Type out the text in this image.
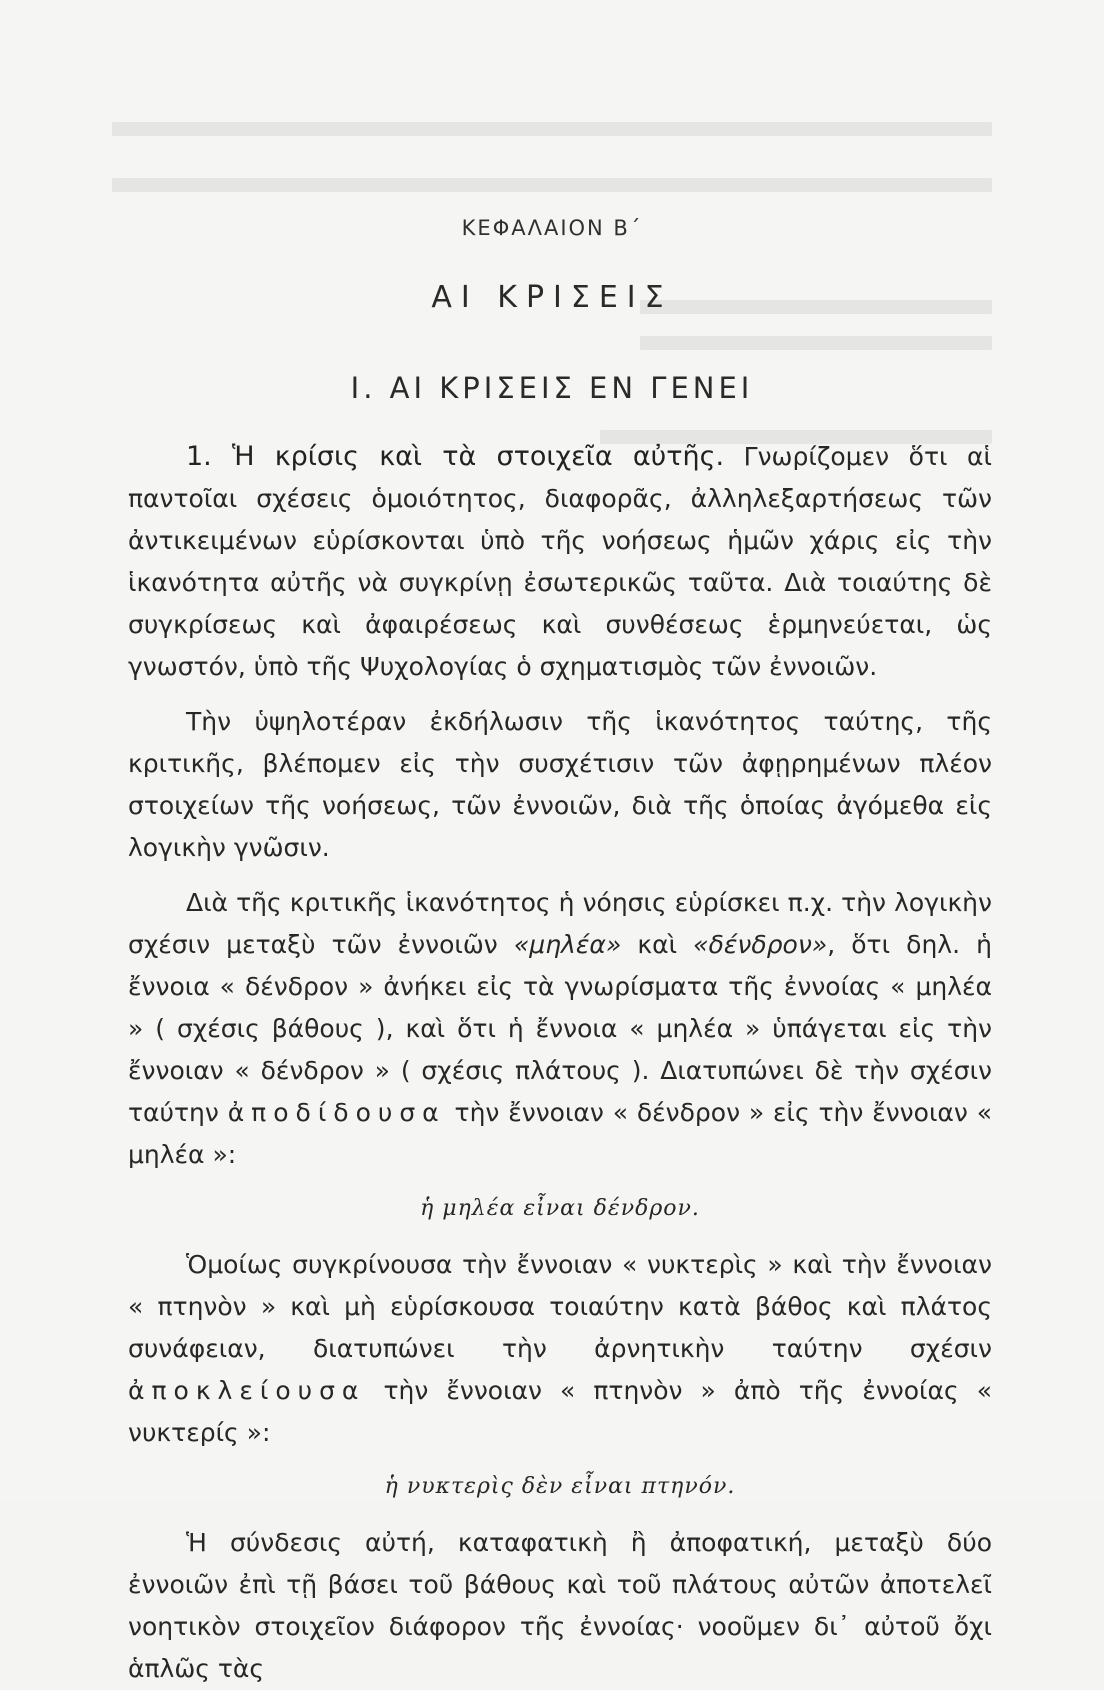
ΚΕΦΑΛΑΙΟΝ Β΄
ΑΙ ΚΡΙΣΕΙΣ
Ι. ΑΙ ΚΡΙΣΕΙΣ ΕΝ ΓΕΝΕΙ

1. Ἡ κρίσις καὶ τὰ στοιχεῖα αὐτῆς. Γνωρίζομεν ὅτι αἱ παντοῖαι σχέσεις ὁμοιότητος, διαφορᾶς, ἀλληλεξαρτήσεως τῶν ἀντικειμένων εὑρίσκονται ὑπὸ τῆς νοήσεως ἡμῶν χάρις εἰς τὴν ἱκανότητα αὐτῆς νὰ συγκρίνῃ ἐσωτερικῶς ταῦτα. Διὰ τοιαύτης δὲ συγκρίσεως καὶ ἀφαιρέσεως καὶ συνθέσεως ἑρμηνεύεται, ὡς γνωστόν, ὑπὸ τῆς Ψυχολογίας ὁ σχηματισμὸς τῶν ἐννοιῶν.

Τὴν ὑψηλοτέραν ἐκδήλωσιν τῆς ἱκανότητος ταύτης, τῆς κριτικῆς, βλέπομεν εἰς τὴν συσχέτισιν τῶν ἀφῃρημένων πλέον στοιχείων τῆς νοήσεως, τῶν ἐννοιῶν, διὰ τῆς ὁποίας ἀγόμεθα εἰς λογικὴν γνῶσιν.

Διὰ τῆς κριτικῆς ἱκανότητος ἡ νόησις εὑρίσκει π.χ. τὴν λογικὴν σχέσιν μεταξὺ τῶν ἐννοιῶν «μηλέα» καὶ «δένδρον», ὅτι δηλ. ἡ ἔννοια « δένδρον » ἀνήκει εἰς τὰ γνωρίσματα τῆς ἐννοίας « μηλέα » ( σχέσις βάθους ), καὶ ὅτι ἡ ἔννοια « μηλέα » ὑπάγεται εἰς τὴν ἔννοιαν « δένδρον » ( σχέσις πλάτους ). Διατυπώνει δὲ τὴν σχέσιν ταύτην ἀποδίδουσα τὴν ἔννοιαν « δένδρον » εἰς τὴν ἔννοιαν « μηλέα »:

ἡ μηλέα εἶναι δένδρον.

Ὁμοίως συγκρίνουσα τὴν ἔννοιαν « νυκτερὶς » καὶ τὴν ἔννοιαν « πτηνὸν » καὶ μὴ εὑρίσκουσα τοιαύτην κατὰ βάθος καὶ πλάτος συνάφειαν, διατυπώνει τὴν ἀρνητικὴν ταύτην σχέσιν ἀποκλείουσα τὴν ἔννοιαν « πτηνὸν » ἀπὸ τῆς ἐννοίας « νυκτερίς »:

ἡ νυκτερὶς δὲν εἶναι πτηνόν.

Ἡ σύνδεσις αὐτή, καταφατικὴ ἢ ἀποφατική, μεταξὺ δύο ἐννοιῶν ἐπὶ τῇ βάσει τοῦ βάθους καὶ τοῦ πλάτους αὐτῶν ἀποτελεῖ νοητικὸν στοιχεῖον διάφορον τῆς ἐννοίας· νοοῦμεν δι᾿ αὐτοῦ ὄχι ἁπλῶς τὰς
